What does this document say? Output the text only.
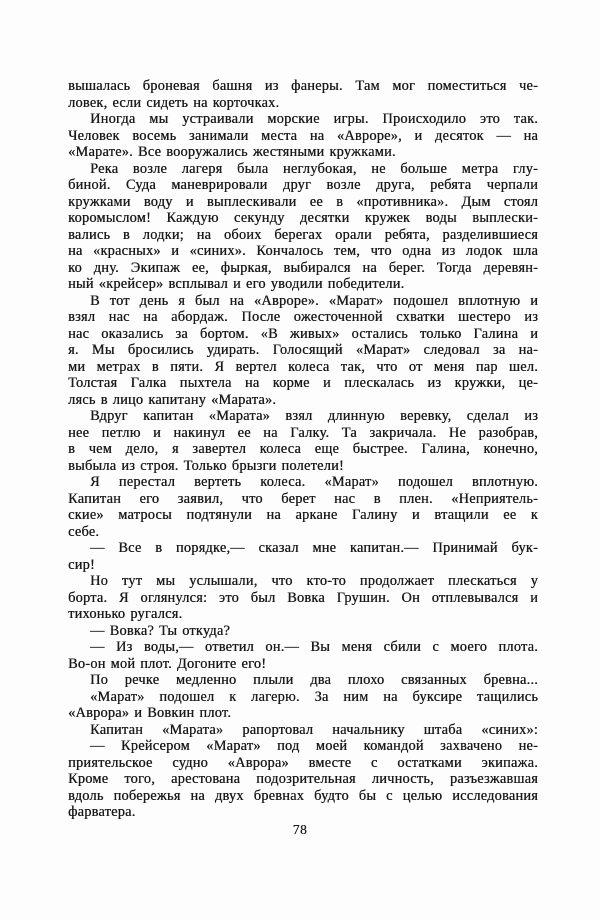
вышалась броневая башня из фанеры. Там мог поместиться че-
ловек, если сидеть на корточках.
Иногда мы устраивали морские игры. Происходило это так.
Человек восемь занимали места на «Авроре», и десяток — на
«Марате». Все вооружались жестяными кружками.
Река возле лагеря была неглубокая, не больше метра глу-
биной. Суда маневрировали друг возле друга, ребята черпали
кружками воду и выплескивали ее в «противника». Дым стоял
коромыслом! Каждую секунду десятки кружек воды выплески-
вались в лодки; на обоих берегах орали ребята, разделившиеся
на «красных» и «синих». Кончалось тем, что одна из лодок шла
ко дну. Экипаж ее, фыркая, выбирался на берег. Тогда деревян-
ный «крейсер» всплывал и его уводили победители.
В тот день я был на «Авроре». «Марат» подошел вплотную и
взял нас на абордаж. После ожесточенной схватки шестеро из
нас оказались за бортом. «В живых» остались только Галина и
я. Мы бросились удирать. Голосящий «Марат» следовал за на-
ми метрах в пяти. Я вертел колеса так, что от меня пар шел.
Толстая Галка пыхтела на корме и плескалась из кружки, це-
лясь в лицо капитану «Марата».
Вдруг капитан «Марата» взял длинную веревку, сделал из
нее петлю и накинул ее на Галку. Та закричала. Не разобрав,
в чем дело, я завертел колеса еще быстрее. Галина, конечно,
выбыла из строя. Только брызги полетели!
Я перестал вертеть колеса. «Марат» подошел вплотную.
Капитан его заявил, что берет нас в плен. «Неприятель-
ские» матросы подтянули на аркане Галину и втащили ее к
себе.
— Все в порядке,— сказал мне капитан.— Принимай бук-
сир!
Но тут мы услышали, что кто-то продолжает плескаться у
борта. Я оглянулся: это был Вовка Грушин. Он отплевывался и
тихонько ругался.
— Вовка? Ты откуда?
— Из воды,— ответил он.— Вы меня сбили с моего плота.
Во-он мой плот. Догоните его!
По речке медленно плыли два плохо связанных бревна...
«Марат» подошел к лагерю. За ним на буксире тащились
«Аврора» и Вовкин плот.
Капитан «Марата» рапортовал начальнику штаба «синих»:
— Крейсером «Марат» под моей командой захвачено не-
приятельское судно «Аврора» вместе с остатками экипажа.
Кроме того, арестована подозрительная личность, разъезжавшая
вдоль побережья на двух бревнах будто бы с целью исследования
фарватера.
78
